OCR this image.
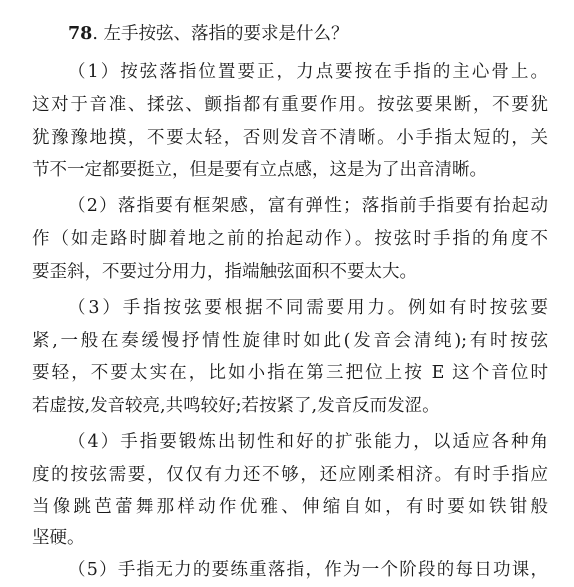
78. 左手按弦、落指的要求是什么？
（1）按弦落指位置要正，力点要按在手指的主心骨上。
这对于音准、揉弦、颤指都有重要作用。按弦要果断，不要犹
犹豫豫地摸，不要太轻，否则发音不清晰。小手指太短的，关
节不一定都要挺立，但是要有立点感，这是为了出音清晰。
（2）落指要有框架感，富有弹性；落指前手指要有抬起动
作（如走路时脚着地之前的抬起动作）。按弦时手指的角度不
要歪斜，不要过分用力，指端触弦面积不要太大。
（3）手指按弦要根据不同需要用力。例如有时按弦要
紧,一般在奏缓慢抒情性旋律时如此(发音会清纯);有时按弦
要轻，不要太实在，比如小指在第三把位上按 E 这个音位时
若虚按,发音较亮,共鸣较好;若按紧了,发音反而发涩。
（4）手指要锻炼出韧性和好的扩张能力，以适应各种角
度的按弦需要，仅仅有力还不够，还应刚柔相济。有时手指应
当像跳芭蕾舞那样动作优雅、伸缩自如，有时要如铁钳般
坚硬。
（5）手指无力的要练重落指，作为一个阶段的每日功课，
